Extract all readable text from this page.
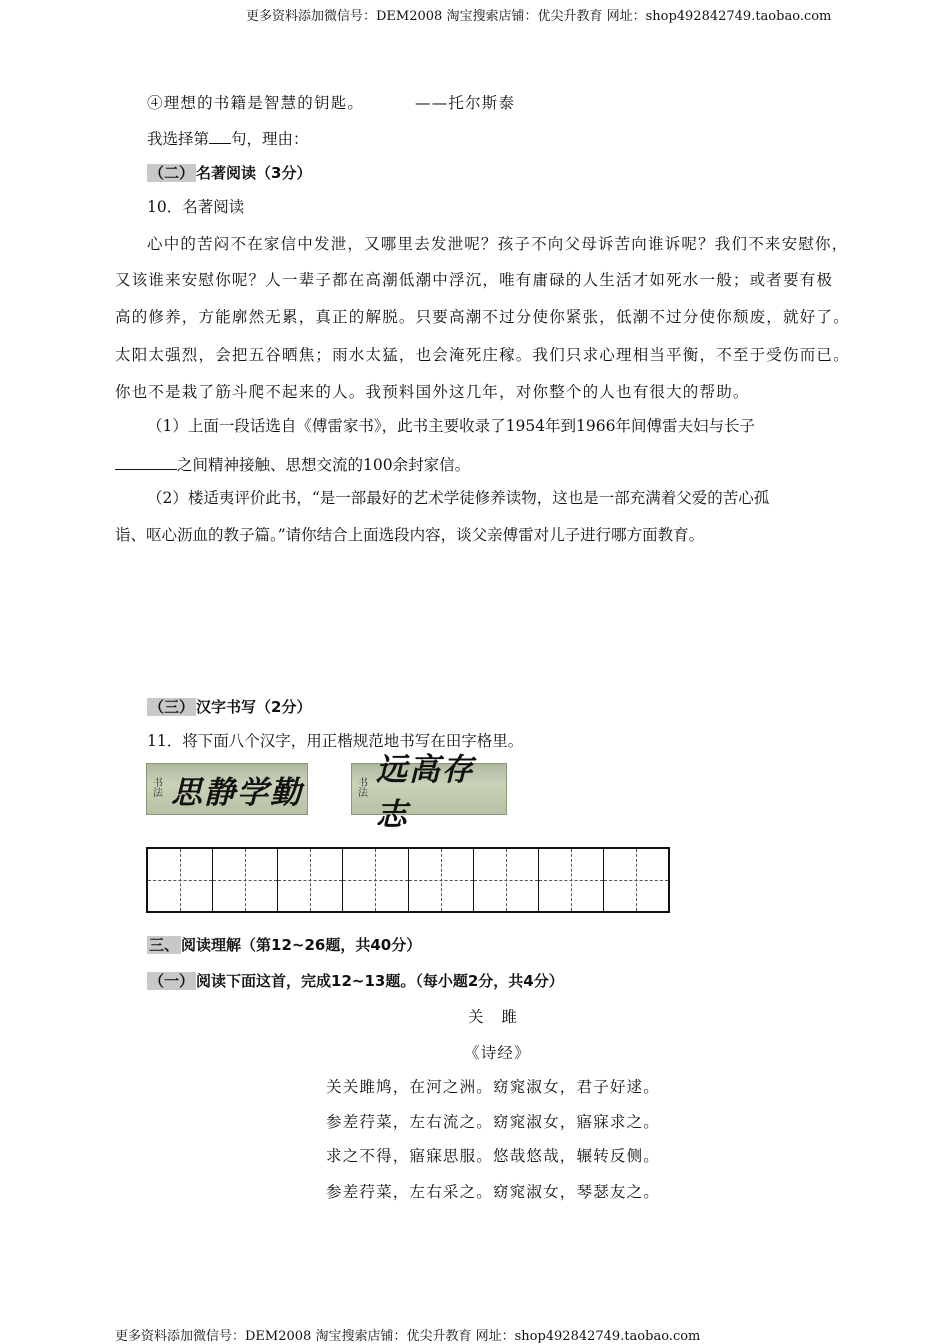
更多资料添加微信号：DEM2008 淘宝搜索店铺：优尖升教育 网址：shop492842749.taobao.com
④理想的书籍是智慧的钥匙。	——托尔斯泰
我选择第 句，理由：
（二） 名著阅读（3分）
10．名著阅读
心中的苦闷不在家信中发泄，又哪里去发泄呢？孩子不向父母诉苦向谁诉呢？我们不来安慰你，
又该谁来安慰你呢？人一辈子都在高潮低潮中浮沉，唯有庸碌的人生活才如死水一般；或者要有极
高的修养，方能廓然无累，真正的解脱。只要高潮不过分使你紧张，低潮不过分使你颓废，就好了。
太阳太强烈，会把五谷晒焦；雨水太猛，也会淹死庄稼。我们只求心理相当平衡，不至于受伤而已。
你也不是栽了筋斗爬不起来的人。我预料国外这几年，对你整个的人也有很大的帮助。
（1）上面一段话选自《傅雷家书》，此书主要收录了1954年到1966年间傅雷夫妇与长子
之间精神接触、思想交流的100余封家信。
（2）楼适夷评价此书，“是一部最好的艺术学徒修养读物，这也是一部充满着父爱的苦心孤
诣、呕心沥血的教子篇。”请你结合上面选段内容，谈父亲傅雷对儿子进行哪方面教育。
（三） 汉字书写（2分）
11．将下面八个汉字，用正楷规范地书写在田字格里。
书法 思静学勤	书法
远高存志
三、 阅读理解（第12~26题，共40分）
（一） 阅读下面这首，完成12~13题。（每小题2分，共4分）
关　雎
《诗经》
关关雎鸠，在河之洲。窈窕淑女，君子好逑。
参差荇菜，左右流之。窈窕淑女，寤寐求之。
求之不得，寤寐思服。悠哉悠哉，辗转反侧。
参差荇菜，左右采之。窈窕淑女，琴瑟友之。
更多资料添加微信号：DEM2008 淘宝搜索店铺：优尖升教育 网址：shop492842749.taobao.com
